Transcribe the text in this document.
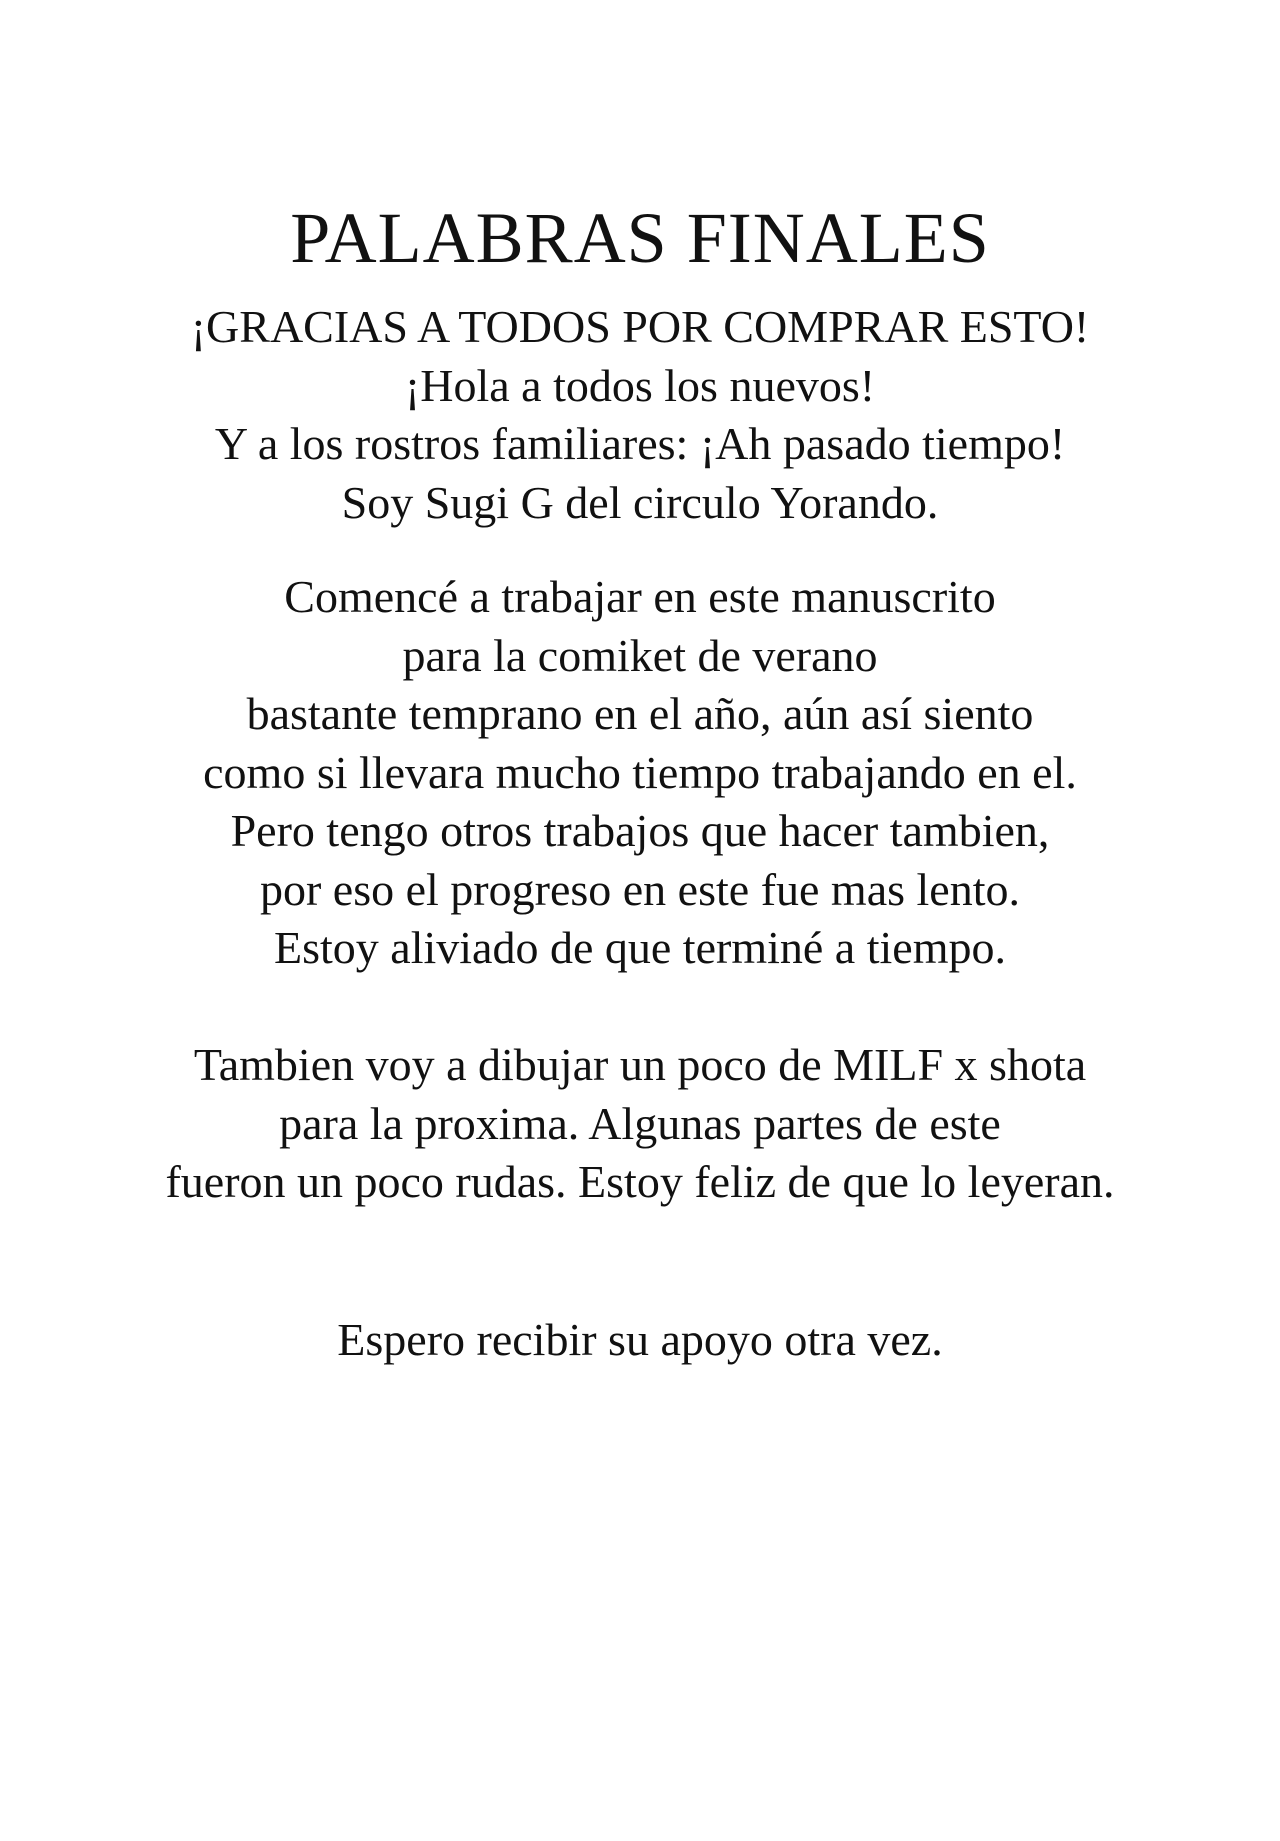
PALABRAS FINALES
¡GRACIAS A TODOS POR COMPRAR ESTO!
¡Hola a todos los nuevos!
Y a los rostros familiares: ¡Ah pasado tiempo!
Soy Sugi G del circulo Yorando.
Comencé a trabajar en este manuscrito
para la comiket de verano
bastante temprano en el año, aún así siento
como si llevara mucho tiempo trabajando en el.
Pero tengo otros trabajos que hacer tambien,
por eso el progreso en este fue mas lento.
Estoy aliviado de que terminé a tiempo.
Tambien voy a dibujar un poco de MILF x shota
para la proxima. Algunas partes de este
fueron un poco rudas. Estoy feliz de que lo leyeran.
Espero recibir su apoyo otra vez.
